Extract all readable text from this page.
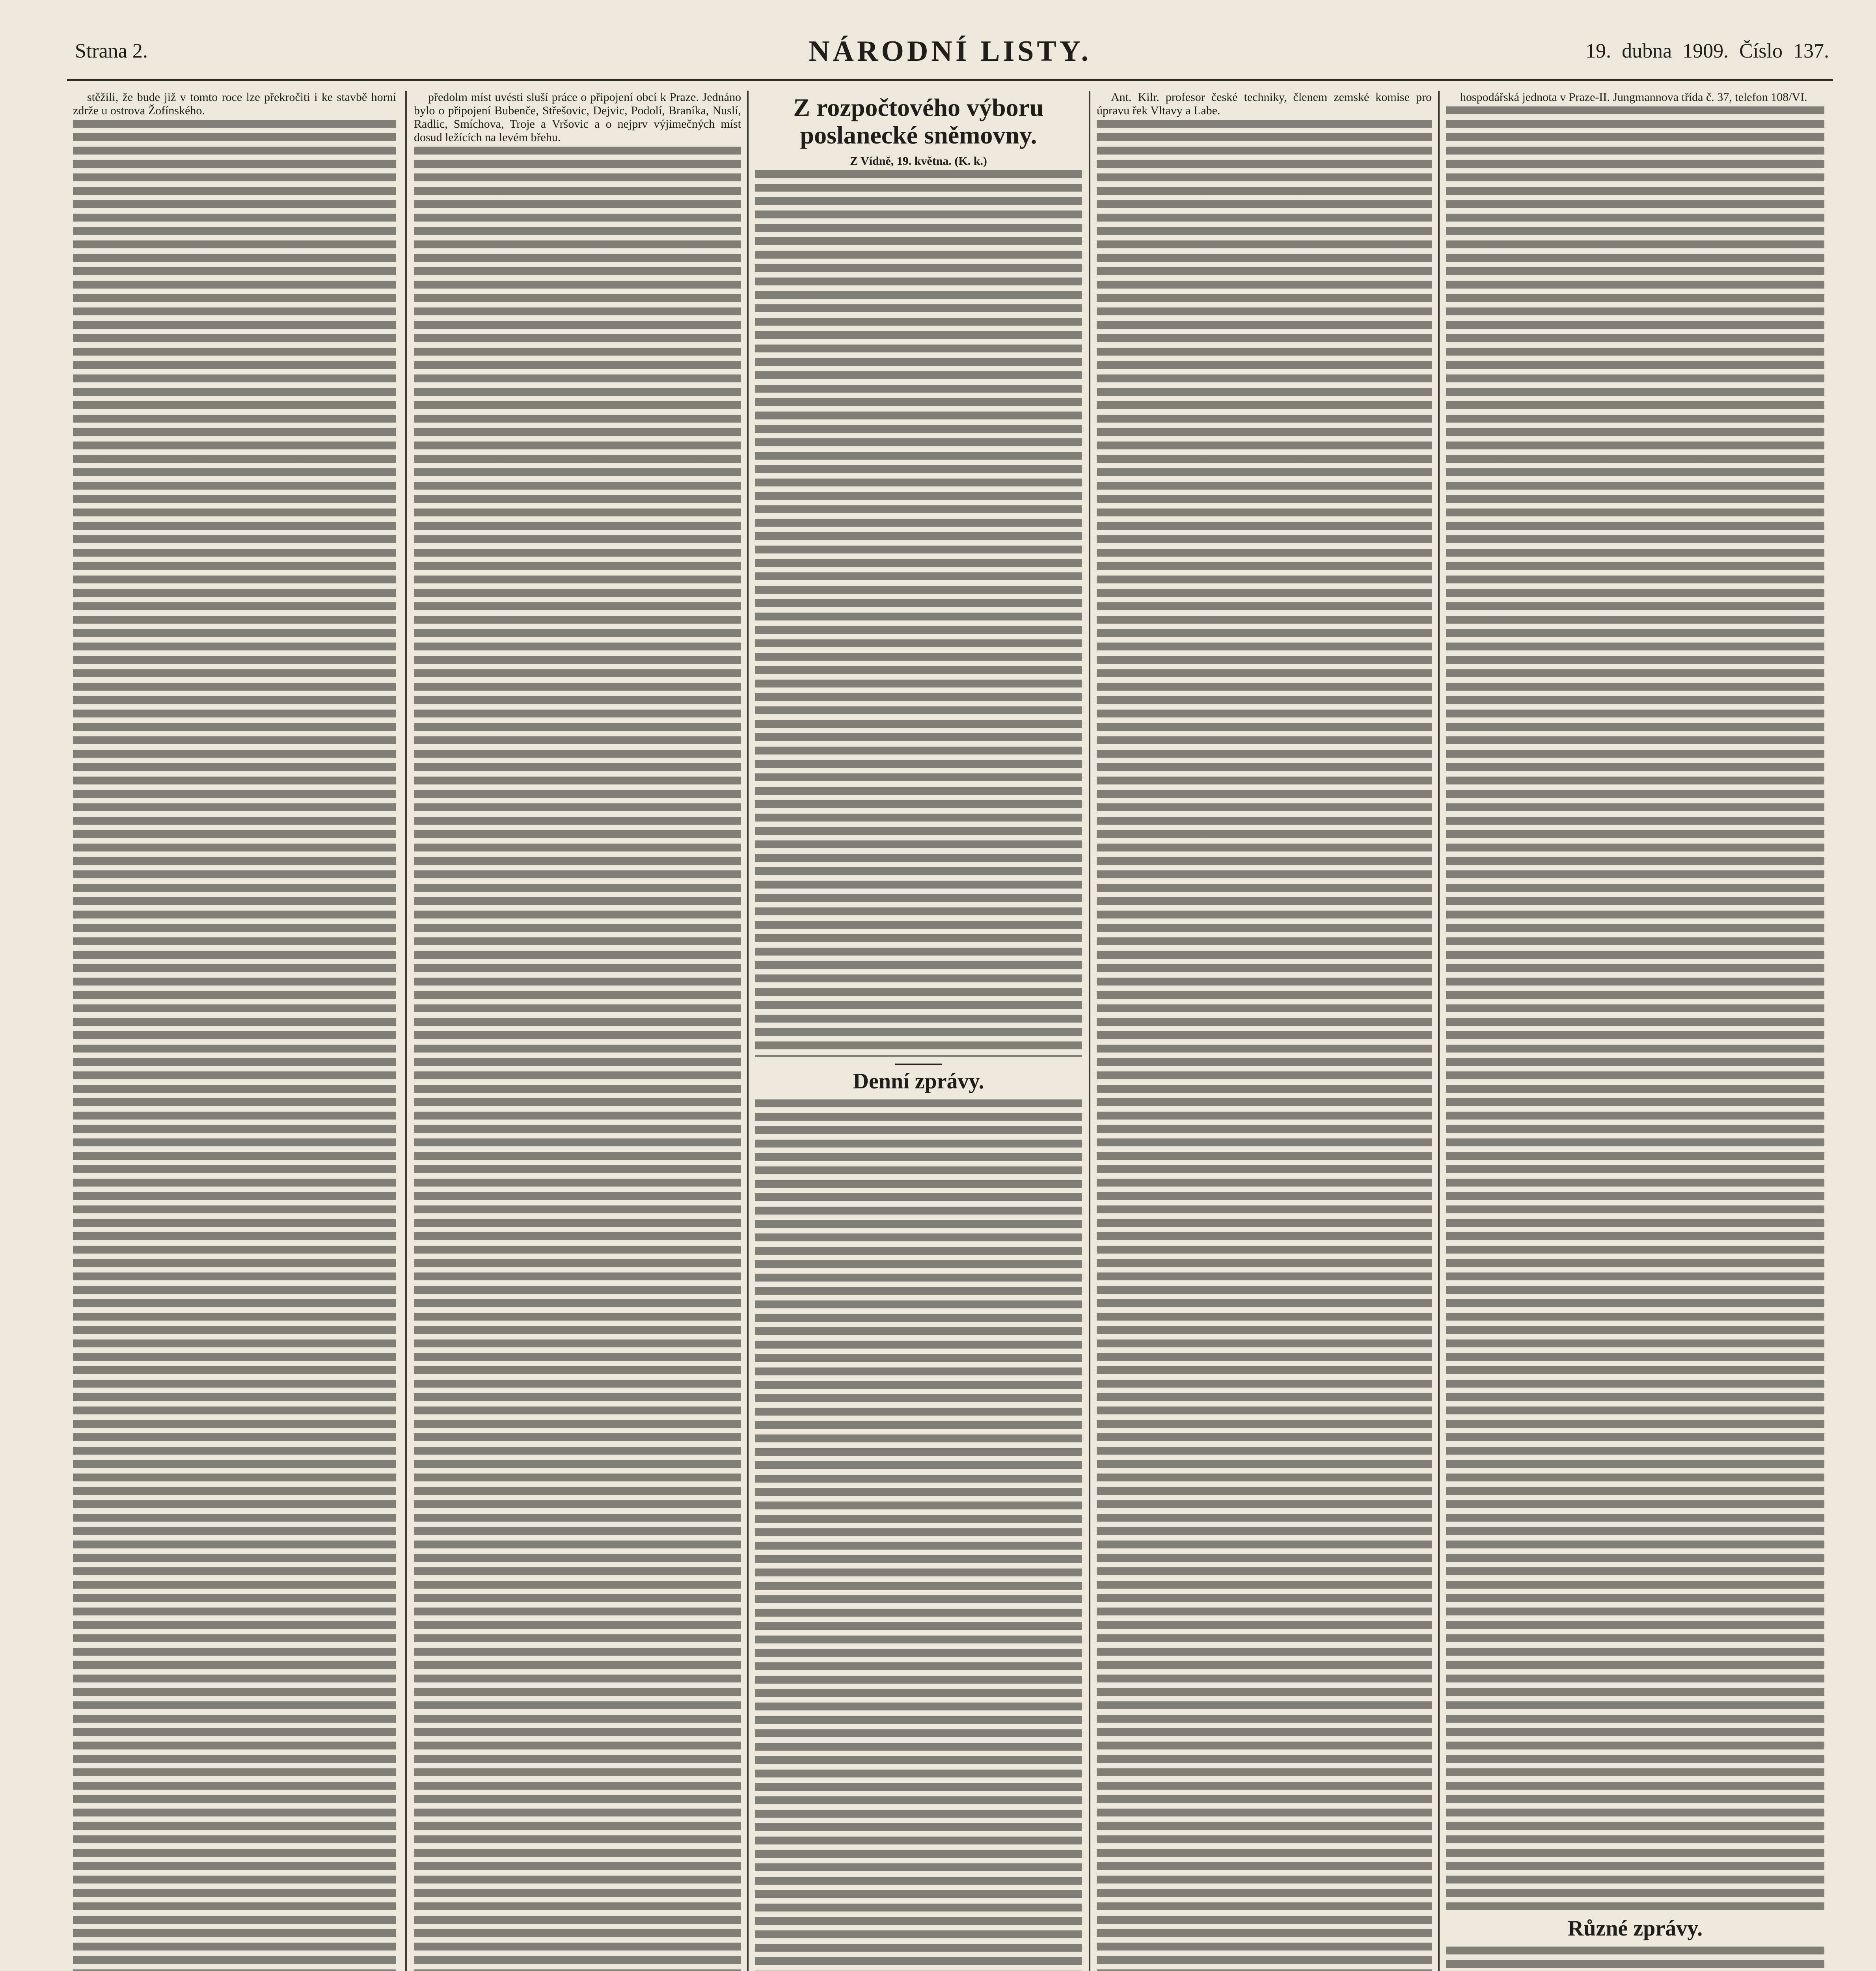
Strana 2.	NÁRODNÍ LISTY.	19. dubna 1909. Číslo 137.

stěžili, že bude již v tomto roce lze překročiti i ke stavbě horní zdrže u ostrova Žofínského.

předolm míst uvésti sluší práce o připojení obcí k Praze. Jednáno bylo o připojení Bubenče, Střešovic, Dejvic, Podolí, Braníka, Nuslí, Radlic, Smíchova, Troje a Vršovic a o nejprv výjimečných míst dosud ležících na levém břehu.

Z rozpočtového výboru poslanecké sněmovny.

Z Vídně, 19. května. (K. k.)

Denní zprávy.

Ant. Kilr. profesor české techniky, členem zemské komise pro úpravu řek Vltavy a Labe.

hospodářská jednota v Praze-II. Jungmannova třída č. 37, telefon 108/VI.

Různé zprávy.
